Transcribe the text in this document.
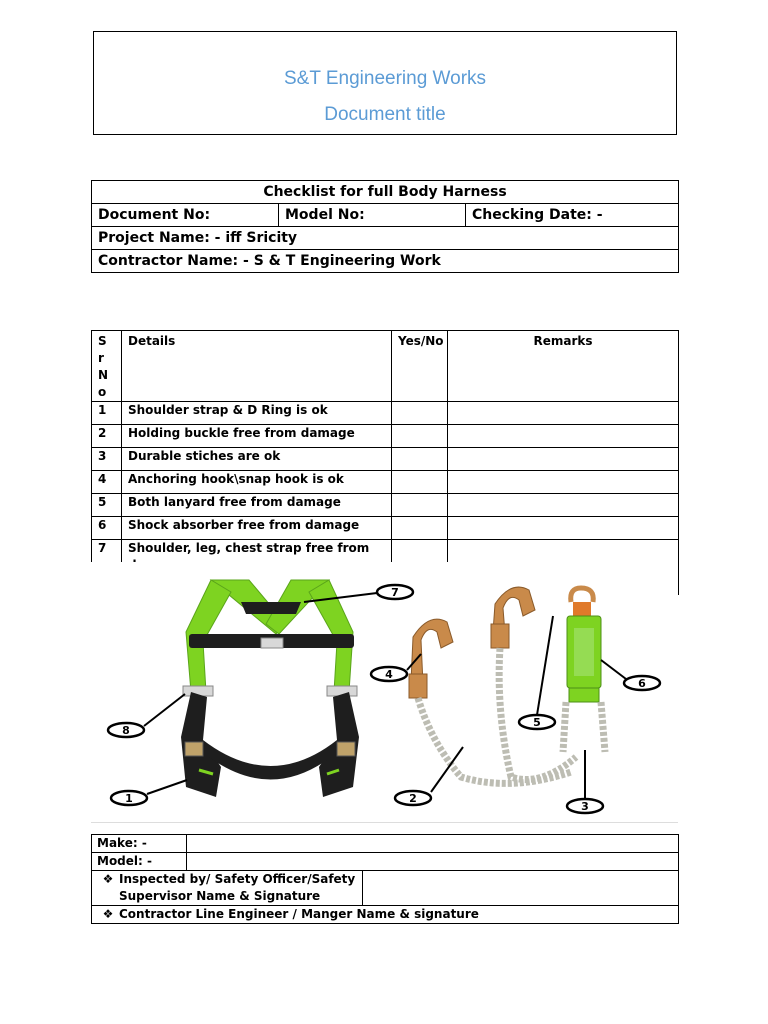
S&T Engineering Works
Document title
Checklist for full Body Harness
Document No:	Model No:	Checking Date: -
Project Name: - iff Sricity
Contractor Name: - S & T Engineering Work
Sr No	Details	Yes/No	Remarks
1	Shoulder strap & D Ring is ok		
2	Holding buckle free from damage		
3	Durable stiches are ok		
4	Anchoring hook\snap hook is ok		
5	Both lanyard free from damage		
6	Shock absorber free from damage		
7	Shoulder, leg, chest strap free from		

7
4
5
6
8
1	2
3
Make: -		
Model: -		

❖ Inspected by/ Safety Officer/Safety Supervisor Name & Signature		

❖ Contractor Line Engineer / Manger Name & signature		
